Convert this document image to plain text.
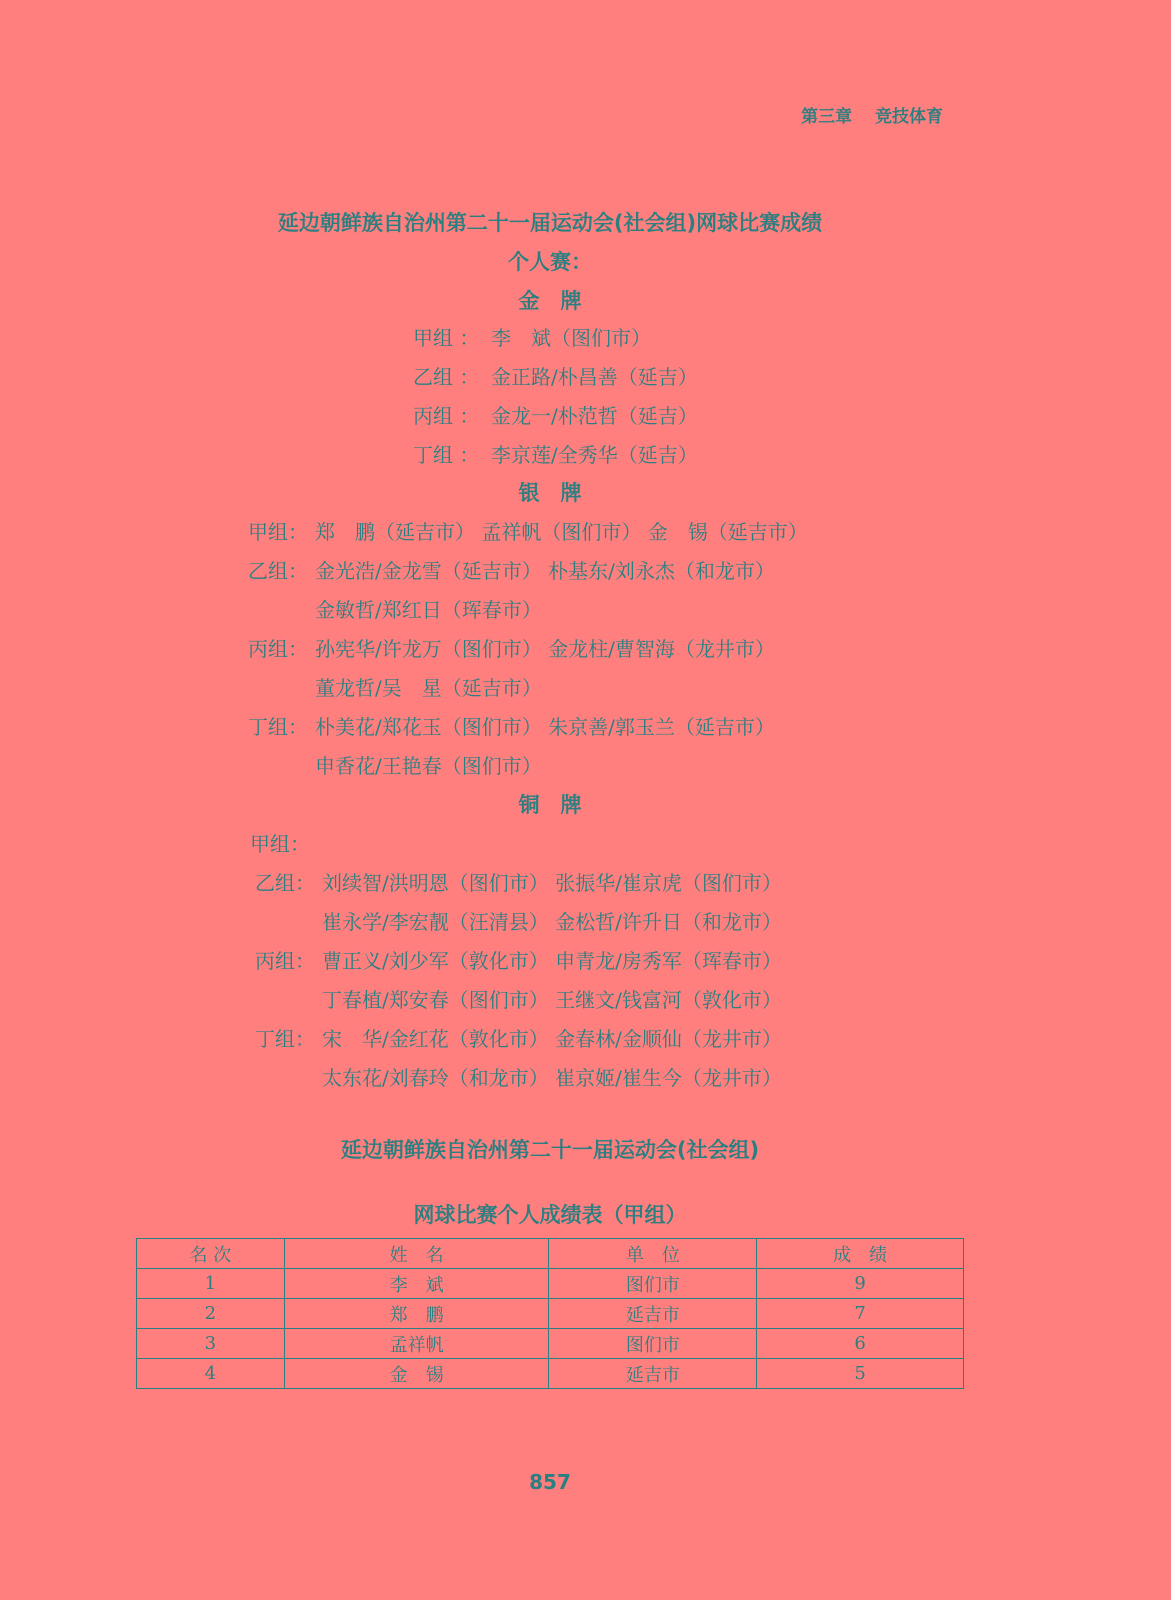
第三章　 竞技体育
延边朝鲜族自治州第二十一届运动会(社会组)网球比赛成绩
个人赛：
金　牌
甲组 ： 李　斌（图们市）
乙组 ： 金正路/朴昌善（延吉）
丙组 ： 金龙一/朴范哲（延吉）
丁组 ： 李京莲/全秀华（延吉）
银　牌
甲组： 郑　鹏（延吉市） 孟祥帆（图们市） 金　锡（延吉市）
乙组： 金光浩/金龙雪（延吉市） 朴基东/刘永杰（和龙市）
金敏哲/郑红日（珲春市）
丙组： 孙宪华/许龙万（图们市） 金龙柱/曹智海（龙井市）
董龙哲/吴　星（延吉市）
丁组： 朴美花/郑花玉（图们市） 朱京善/郭玉兰（延吉市）
申香花/王艳春（图们市）
铜　牌
甲组：
乙组： 刘续智/洪明恩（图们市） 张振华/崔京虎（图们市）
崔永学/李宏靓（汪清县） 金松哲/许升日（和龙市）
丙组： 曹正义/刘少军（敦化市） 申青龙/房秀军（珲春市）
丁春植/郑安春（图们市） 王继文/钱富河（敦化市）
丁组： 宋　华/金红花（敦化市） 金春林/金顺仙（龙井市）
太东花/刘春玲（和龙市） 崔京姬/崔生今（龙井市）
延边朝鲜族自治州第二十一届运动会(社会组)
网球比赛个人成绩表（甲组）
名 次	姓　名	单　位	成　绩
1	李　斌	图们市	9
2	郑　鹏	延吉市	7
3	孟祥帆	图们市	6
4	金　锡	延吉市	5
857
